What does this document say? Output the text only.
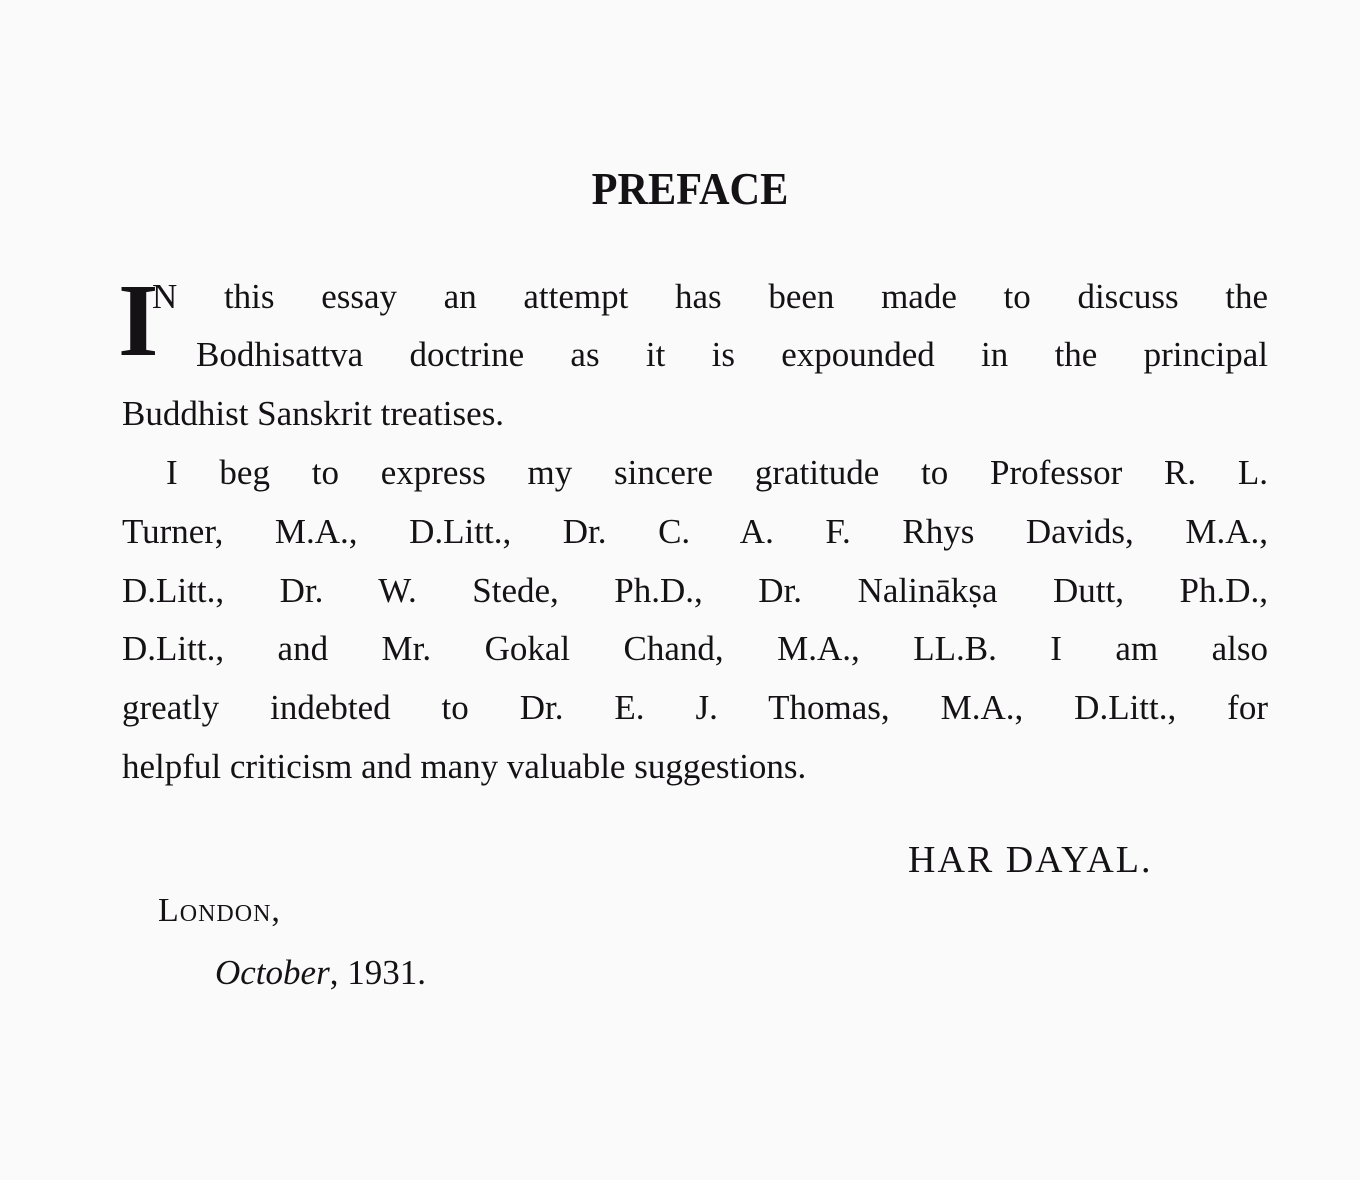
PREFACE
I
N this essay an attempt has been made to discuss the
Bodhisattva doctrine as it is expounded in the principal
Buddhist Sanskrit treatises.
I beg to express my sincere gratitude to Professor R. L.
Turner, M.A., D.Litt., Dr. C. A. F. Rhys Davids, M.A.,
D.Litt., Dr. W. Stede, Ph.D., Dr. Nalinākṣa Dutt, Ph.D.,
D.Litt., and Mr. Gokal Chand, M.A., LL.B. I am also
greatly indebted to Dr. E. J. Thomas, M.A., D.Litt., for
helpful criticism and many valuable suggestions.
HAR DAYAL.
London,
October, 1931.
